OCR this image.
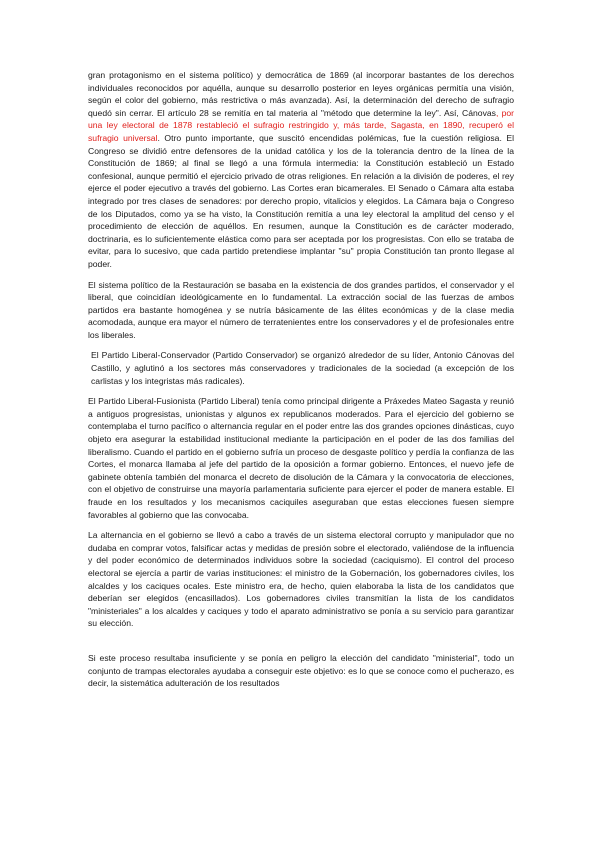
gran protagonismo en el sistema político) y democrática de 1869 (al incorporar bastantes de los derechos individuales reconocidos por aquélla, aunque su desarrollo posterior en leyes orgánicas permitía una visión, según el color del gobierno, más restrictiva o más avanzada). Así, la determinación del derecho de sufragio quedó sin cerrar. El artículo 28 se remitía en tal materia al "método que determine la ley". Así, Cánovas, por una ley electoral de 1878 restableció el sufragio restringido y, más tarde, Sagasta, en 1890, recuperó el sufragio universal. Otro punto importante, que suscitó encendidas polémicas, fue la cuestión religiosa. El Congreso se dividió entre defensores de la unidad católica y los de la tolerancia dentro de la línea de la Constitución de 1869; al final se llegó a una fórmula intermedia: la Constitución estableció un Estado confesional, aunque permitió el ejercicio privado de otras religiones. En relación a la división de poderes, el rey ejerce el poder ejecutivo a través del gobierno. Las Cortes eran bicamerales. El Senado o Cámara alta estaba integrado por tres clases de senadores: por derecho propio, vitalicios y elegidos. La Cámara baja o Congreso de los Diputados, como ya se ha visto, la Constitución remitía a una ley electoral la amplitud del censo y el procedimiento de elección de aquéllos. En resumen, aunque la Constitución es de carácter moderado, doctrinaria, es lo suficientemente elástica como para ser aceptada por los progresistas. Con ello se trataba de evitar, para lo sucesivo, que cada partido pretendiese implantar "su" propia Constitución tan pronto llegase al poder.

El sistema político de la Restauración se basaba en la existencia de dos grandes partidos, el conservador y el liberal, que coincidían ideológicamente en lo fundamental. La extracción social de las fuerzas de ambos partidos era bastante homogénea y se nutría básicamente de las élites económicas y de la clase media acomodada, aunque era mayor el número de terratenientes entre los conservadores y el de profesionales entre los liberales.

El Partido Liberal-Conservador (Partido Conservador) se organizó alrededor de su líder, Antonio Cánovas del Castillo, y aglutinó a los sectores más conservadores y tradicionales de la sociedad (a excepción de los carlistas y los integristas más radicales).

El Partido Liberal-Fusionista (Partido Liberal) tenía como principal dirigente a Práxedes Mateo Sagasta y reunió a antiguos progresistas, unionistas y algunos ex republicanos moderados. Para el ejercicio del gobierno se contemplaba el turno pacífico o alternancia regular en el poder entre las dos grandes opciones dinásticas, cuyo objeto era asegurar la estabilidad institucional mediante la participación en el poder de las dos familias del liberalismo. Cuando el partido en el gobierno sufría un proceso de desgaste político y perdía la confianza de las Cortes, el monarca llamaba al jefe del partido de la oposición a formar gobierno. Entonces, el nuevo jefe de gabinete obtenía también del monarca el decreto de disolución de la Cámara y la convocatoria de elecciones, con el objetivo de construirse una mayoría parlamentaria suficiente para ejercer el poder de manera estable. El fraude en los resultados y los mecanismos caciquiles aseguraban que estas elecciones fuesen siempre favorables al gobierno que las convocaba.

La alternancia en el gobierno se llevó a cabo a través de un sistema electoral corrupto y manipulador que no dudaba en comprar votos, falsificar actas y medidas de presión sobre el electorado, valiéndose de la influencia y del poder económico de determinados individuos sobre la sociedad (caciquismo). El control del proceso electoral se ejercía a partir de varias instituciones: el ministro de la Gobernación, los gobernadores civiles, los alcaldes y los caciques ocales. Este ministro era, de hecho, quien elaboraba la lista de los candidatos que deberían ser elegidos (encasillados). Los gobernadores civiles transmitían la lista de los candidatos "ministeriales" a los alcaldes y caciques y todo el aparato administrativo se ponía a su servicio para garantizar su elección.

Si este proceso resultaba insuficiente y se ponía en peligro la elección del candidato "ministerial", todo un conjunto de trampas electorales ayudaba a conseguir este objetivo: es lo que se conoce como el pucherazo, es decir, la sistemática adulteración de los resultados
